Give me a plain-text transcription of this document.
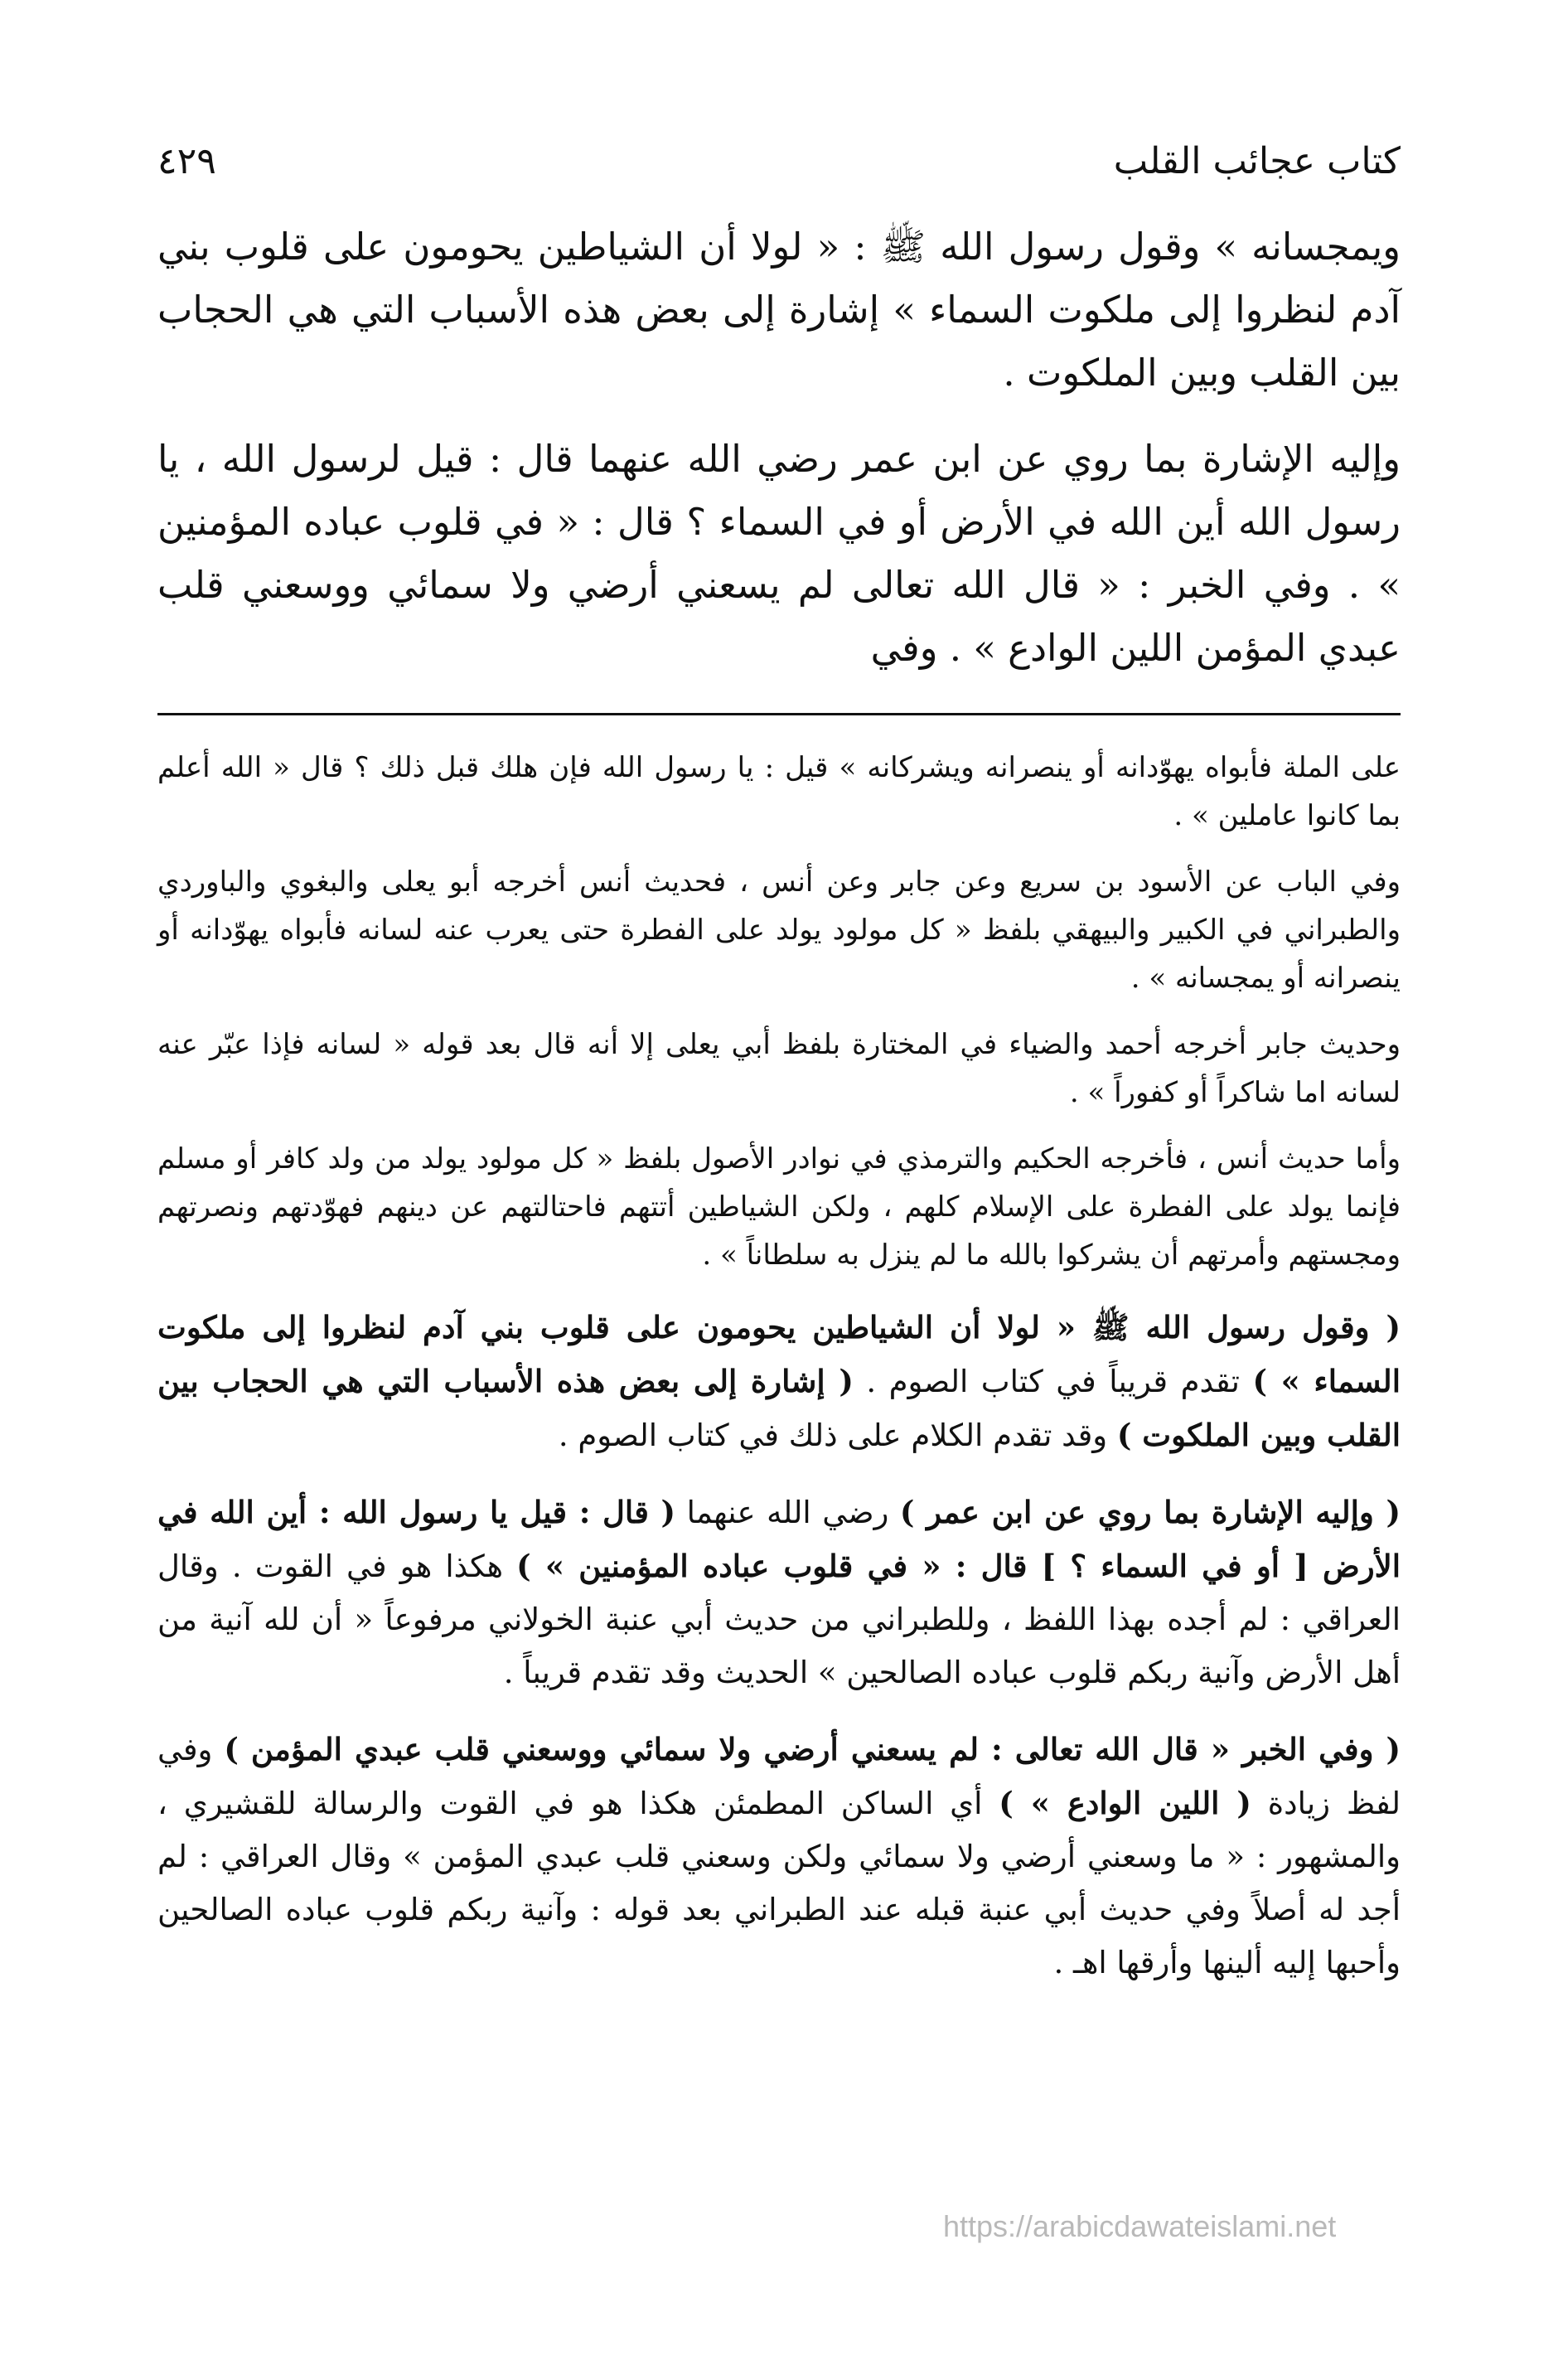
كتاب عجائب القلب
٤٢٩

ويمجسانه » وقول رسول الله ﷺ : « لولا أن الشياطين يحومون على قلوب بني آدم لنظروا إلى ملكوت السماء » إشارة إلى بعض هذه الأسباب التي هي الحجاب بين القلب وبين الملكوت .

وإليه الإشارة بما روي عن ابن عمر رضي الله عنهما قال : قيل لرسول الله ، يا رسول الله أين الله في الأرض أو في السماء ؟ قال : « في قلوب عباده المؤمنين » . وفي الخبر : « قال الله تعالى لم يسعني أرضي ولا سمائي ووسعني قلب عبدي المؤمن اللين الوادع » . وفي

على الملة فأبواه يهوّدانه أو ينصرانه ويشركانه » قيل : يا رسول الله فإن هلك قبل ذلك ؟ قال « الله أعلم بما كانوا عاملين » .

وفي الباب عن الأسود بن سريع وعن جابر وعن أنس ، فحديث أنس أخرجه أبو يعلى والبغوي والباوردي والطبراني في الكبير والبيهقي بلفظ « كل مولود يولد على الفطرة حتى يعرب عنه لسانه فأبواه يهوّدانه أو ينصرانه أو يمجسانه » .

وحديث جابر أخرجه أحمد والضياء في المختارة بلفظ أبي يعلى إلا أنه قال بعد قوله « لسانه فإذا عبّر عنه لسانه اما شاكراً أو كفوراً » .

وأما حديث أنس ، فأخرجه الحكيم والترمذي في نوادر الأصول بلفظ « كل مولود يولد من ولد كافر أو مسلم فإنما يولد على الفطرة على الإسلام كلهم ، ولكن الشياطين أتتهم فاحتالتهم عن دينهم فهوّدتهم ونصرتهم ومجستهم وأمرتهم أن يشركوا بالله ما لم ينزل به سلطاناً » .

( وقول رسول الله ﷺ « لولا أن الشياطين يحومون على قلوب بني آدم لنظروا إلى ملكوت السماء » ) تقدم قريباً في كتاب الصوم . ( إشارة إلى بعض هذه الأسباب التي هي الحجاب بين القلب وبين الملكوت ) وقد تقدم الكلام على ذلك في كتاب الصوم .

( وإليه الإشارة بما روي عن ابن عمر ) رضي الله عنهما ( قال : قيل يا رسول الله : أين الله في الأرض [ أو في السماء ؟ ] قال : « في قلوب عباده المؤمنين » ) هكذا هو في القوت . وقال العراقي : لم أجده بهذا اللفظ ، وللطبراني من حديث أبي عنبة الخولاني مرفوعاً « أن لله آنية من أهل الأرض وآنية ربكم قلوب عباده الصالحين » الحديث وقد تقدم قريباً .

( وفي الخبر « قال الله تعالى : لم يسعني أرضي ولا سمائي ووسعني قلب عبدي المؤمن ) وفي لفظ زيادة ( اللين الوادع » ) أي الساكن المطمئن هكذا هو في القوت والرسالة للقشيري ، والمشهور : « ما وسعني أرضي ولا سمائي ولكن وسعني قلب عبدي المؤمن » وقال العراقي : لم أجد له أصلاً وفي حديث أبي عنبة قبله عند الطبراني بعد قوله : وآنية ربكم قلوب عباده الصالحين وأحبها إليه ألينها وأرقها اهـ .

https://arabicdawateislami.net
